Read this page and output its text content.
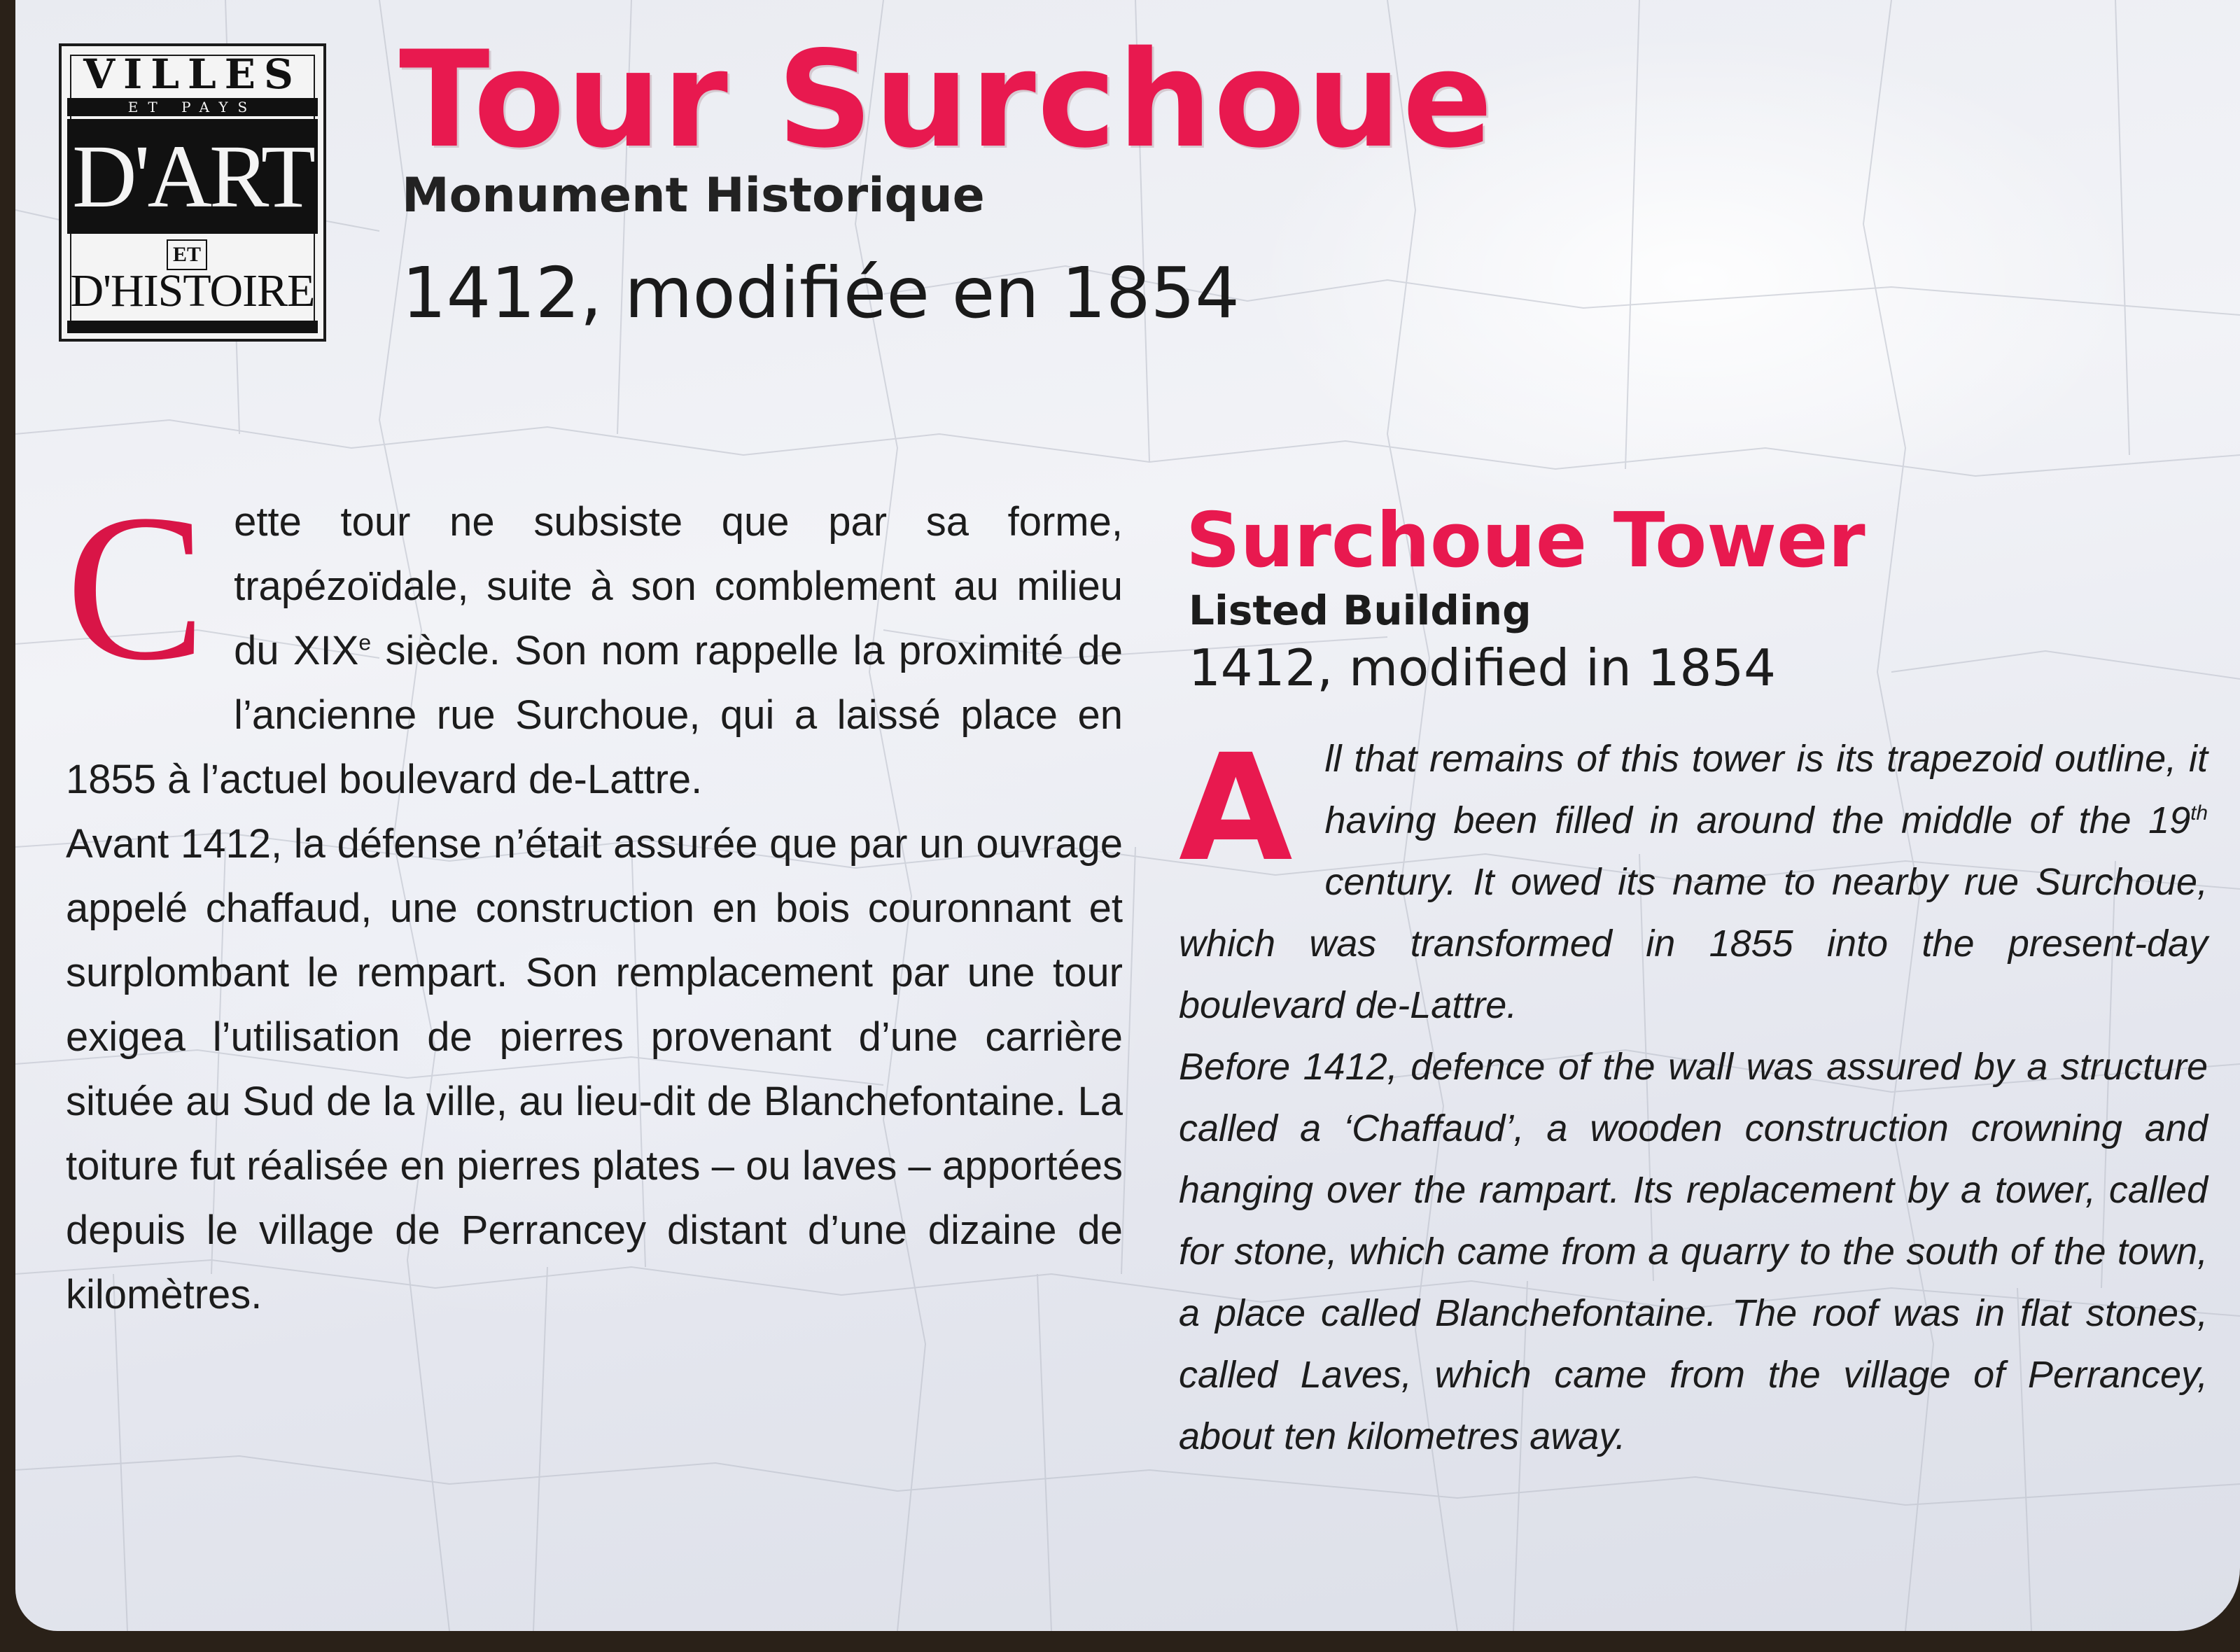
VILLES
ET PAYS
D'ART
ET
D'HISTOIRE
Tour Surchoue
Monument Historique
1412, modifiée en 1854
C ette tour ne subsiste que par sa forme, trapézoïdale, suite à son comblement au milieu du XIXe siècle. Son nom rappelle la proximité de l’ancienne rue Surchoue, qui a laissé place en 1855 à l’actuel boulevard de-Lattre.

Avant 1412, la défense n’était assurée que par un ouvrage appelé chaffaud, une construction en bois couronnant et surplombant le rempart. Son remplacement par une tour exigea l’utilisation de pierres provenant d’une carrière située au Sud de la ville, au lieu-dit de Blanchefontaine. La toiture fut réalisée en pierres plates – ou laves – apportées depuis le village de Perrancey distant d’une dizaine de kilomètres.

Surchoue Tower
Listed Building
1412, modified in 1854
A ll that remains of this tower is its trapezoid outline, it having been filled in around the middle of the 19th century. It owed its name to nearby rue Surchoue, which was transformed in 1855 into the present-day boulevard de-Lattre.

Before 1412, defence of the wall was assured by a structure called a ‘Chaffaud’, a wooden construction crowning and hanging over the rampart. Its replacement by a tower, called for stone, which came from a quarry to the south of the town, a place called Blanchefontaine. The roof was in flat stones, called Laves, which came from the village of Perrancey, about ten kilometres away.
